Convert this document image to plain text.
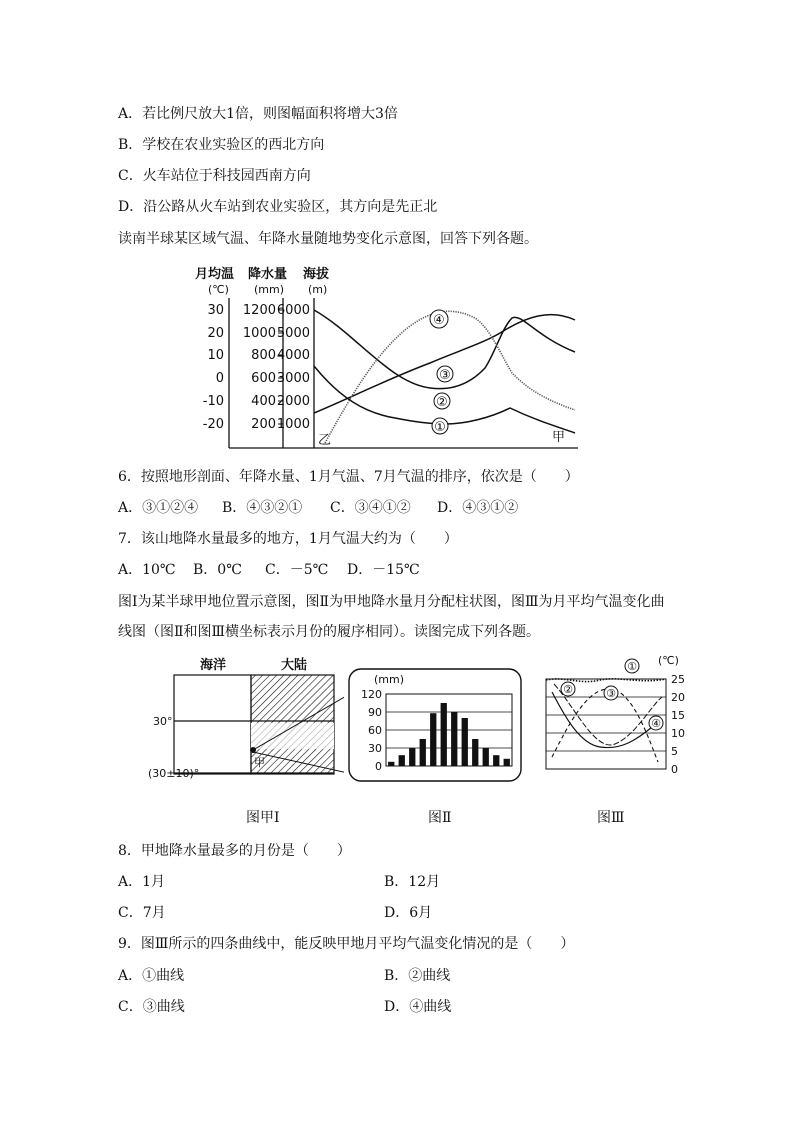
A．若比例尺放大1倍，则图幅面积将增大3倍
B．学校在农业实验区的西北方向
C．火车站位于科技园西南方向
D．沿公路从火车站到农业实验区，其方向是先正北
读南半球某区域气温、年降水量随地势变化示意图，回答下列各题。
月均温 降水量 海拔
(℃) (mm) (m)
30
20
10
0
-10
-20
1200
1000
800
600
400
200
6000
5000
4000
3000
2000
1000	①
②
③
④
乙	甲
6．按照地形剖面、年降水量、1月气温、7月气温的排序，依次是（　　）
A．③①②④ B．④③②① C．③④①② D．④③①②
7．该山地降水量最多的地方，1月气温大约为（　　）
A．10℃ B．0℃ C．－5℃ D．－15℃
图Ⅰ为某半球甲地位置示意图，图Ⅱ为甲地降水量月分配柱状图，图Ⅲ为月平均气温变化曲
线图（图Ⅱ和图Ⅲ横坐标表示月份的履序相同）。读图完成下列各题。
海洋	大陆
30°
(30±10)°
甲
(mm)
120
90
60
30
0
(℃)
25
20
15
10
5
0
①
②	③
④
图甲Ⅰ	图Ⅱ	图Ⅲ
8．甲地降水量最多的月份是（　　）
A．1月	B．12月
C．7月	D．6月
9．图Ⅲ所示的四条曲线中，能反映甲地月平均气温变化情况的是（　　）
A．①曲线	B．②曲线
C．③曲线	D．④曲线
